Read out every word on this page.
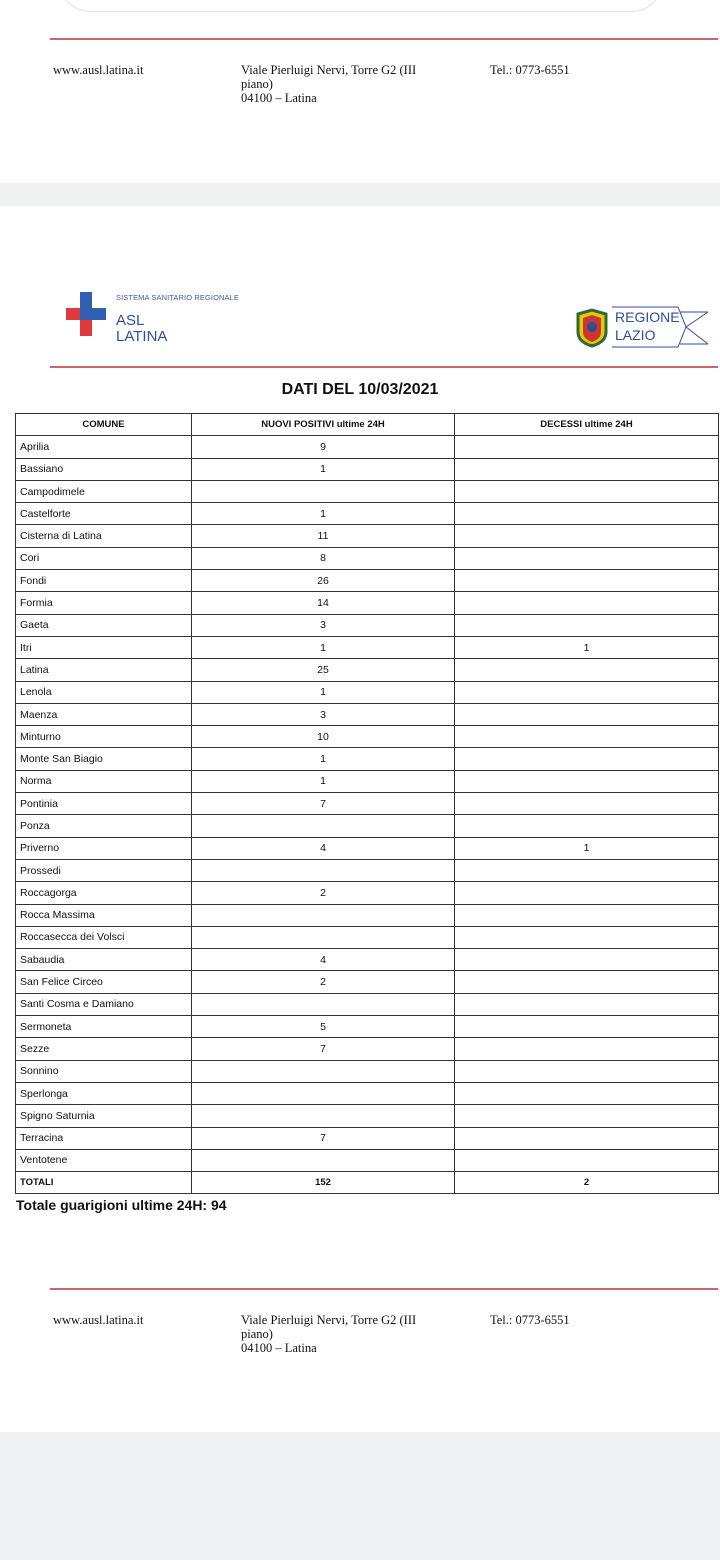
www.ausl.latina.it	Viale Pierluigi Nervi, Torre G2 (III
piano)
04100 – Latina
Tel.: 0773-6551
SISTEMA SANITARIO REGIONALE
ASL
LATINA
REGIONE
LAZIO
DATI DEL 10/03/2021
COMUNE	NUOVI POSITIVI ultime 24H	DECESSI ultime 24H
Aprilia	9	
Bassiano	1	
Campodimele		
Castelforte	1	
Cisterna di Latina	11	
Cori	8	
Fondi	26	
Formia	14	
Gaeta	3	
Itri	1	1
Latina	25	
Lenola	1	
Maenza	3	
Minturno	10	
Monte San Biagio	1	
Norma	1	
Pontinia	7	
Ponza		
Priverno	4	1
Prossedi		
Roccagorga	2	
Rocca Massima		
Roccasecca dei Volsci		
Sabaudia	4	
San Felice Circeo	2	
Santi Cosma e Damiano		
Sermoneta	5	
Sezze	7	
Sonnino		
Sperlonga		
Spigno Saturnia		
Terracina	7	
Ventotene		
TOTALI	152	2
Totale guarigioni ultime 24H: 94
www.ausl.latina.it	Viale Pierluigi Nervi, Torre G2 (III
piano)
04100 – Latina
Tel.: 0773-6551
